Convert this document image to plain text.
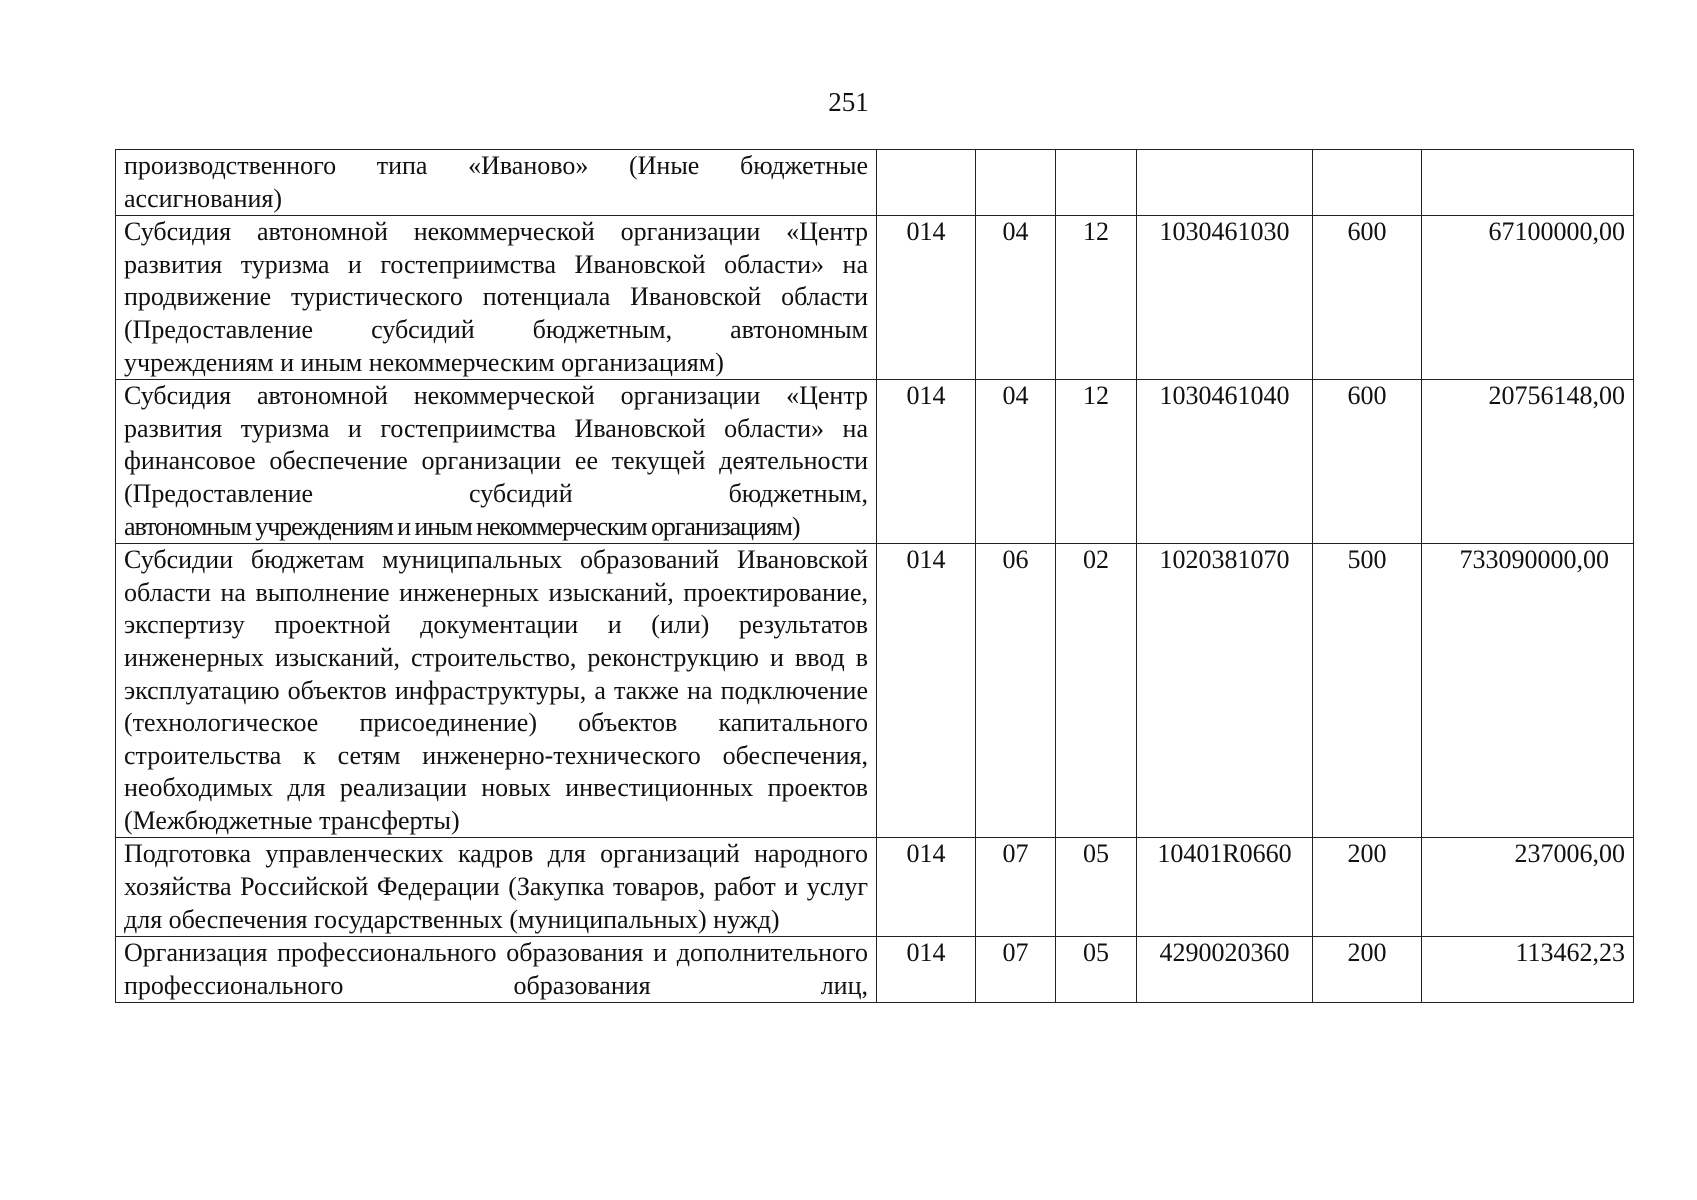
251
производственного типа «Иваново» (Иные бюджетные ассигнования)						

Субсидия автономной некоммерческой организации «Центр развития туризма и гостеприимства Ивановской области» на продвижение туристического потенциала Ивановской области (Предоставление субсидий бюджетным, автономным учреждениям и иным некоммерческим организациям)	014	04	12	1030461030	600	67100000,00

Субсидия автономной некоммерческой организации «Центр развития туризма и гостеприимства Ивановской области» на финансовое обеспечение организации ее текущей деятельности (Предоставление субсидий бюджетным,
автономным учреждениям и иным некоммерческим организациям)	014	04	12	1030461040	600	20756148,00
Субсидии бюджетам муниципальных образований Ивановской области на выполнение инженерных изысканий, проектирование, экспертизу проектной документации и (или) результатов инженерных изысканий, строительство, реконструкцию и ввод в эксплуатацию объектов инфраструктуры, а также на подключение (технологическое присоединение) объектов капитального строительства к сетям инженерно-технического обеспечения, необходимых для реализации новых инвестиционных проектов (Межбюджетные трансферты)	014	06	02	1020381070	500	733090000,00
Подготовка управленческих кадров для организаций народного хозяйства Российской Федерации (Закупка товаров, работ и услуг для обеспечения государственных (муниципальных) нужд)	014	07	05	10401R0660	200	237006,00

Организация профессионального образования и дополнительного профессионального образования лиц,	014	07	05	4290020360	200	113462,23
